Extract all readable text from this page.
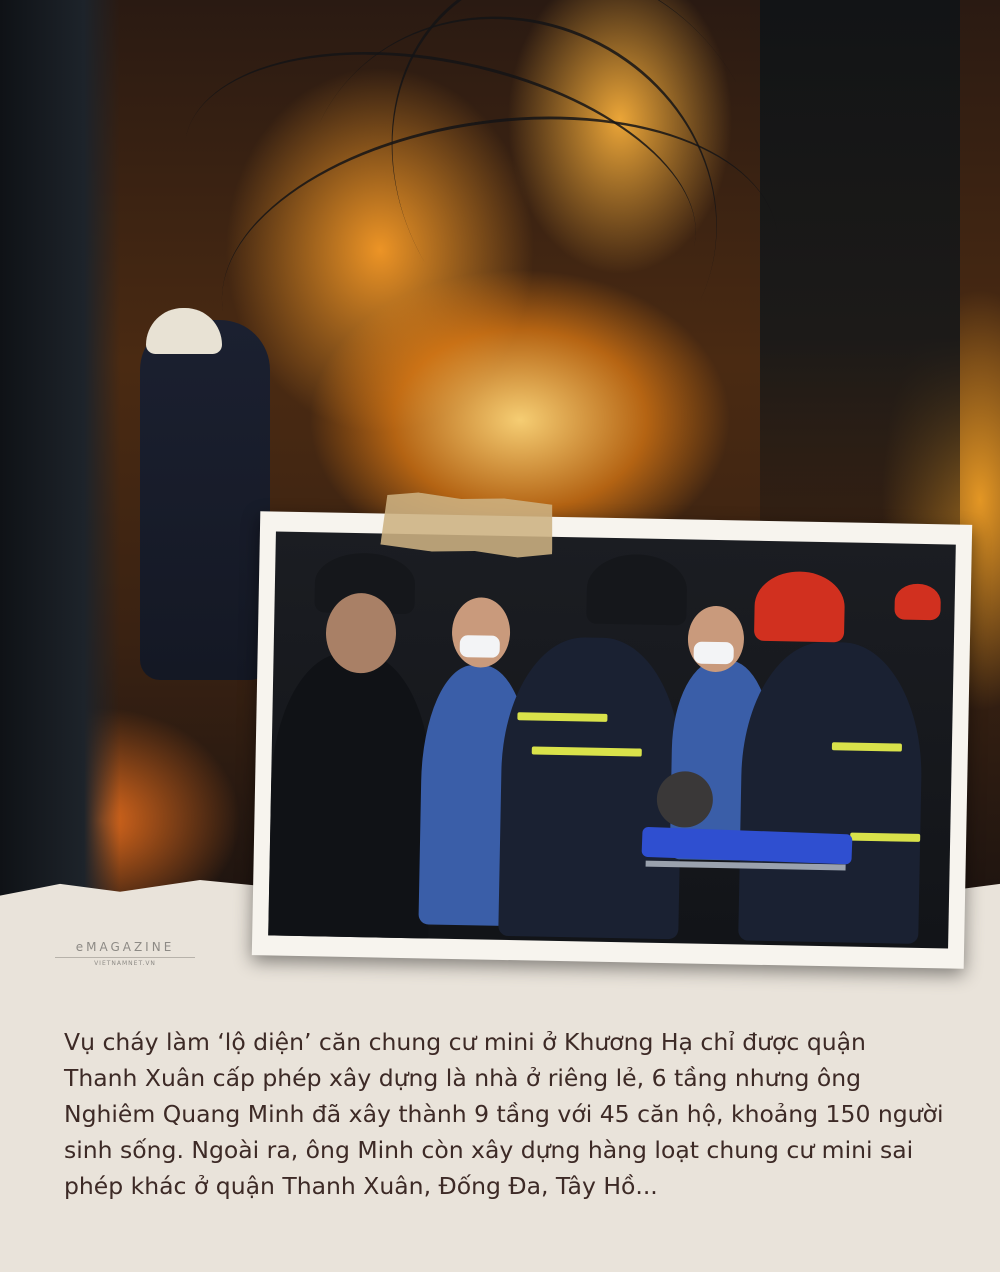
eMAGAZINE
VIETNAMNET.VN

Vụ cháy làm ‘lộ diện’ căn chung cư mini ở Khương Hạ chỉ được quận Thanh Xuân cấp phép xây dựng là nhà ở riêng lẻ, 6 tầng nhưng ông Nghiêm Quang Minh đã xây thành 9 tầng với 45 căn hộ, khoảng 150 người sinh sống. Ngoài ra, ông Minh còn xây dựng hàng loạt chung cư mini sai phép khác ở quận Thanh Xuân, Đống Đa, Tây Hồ...
